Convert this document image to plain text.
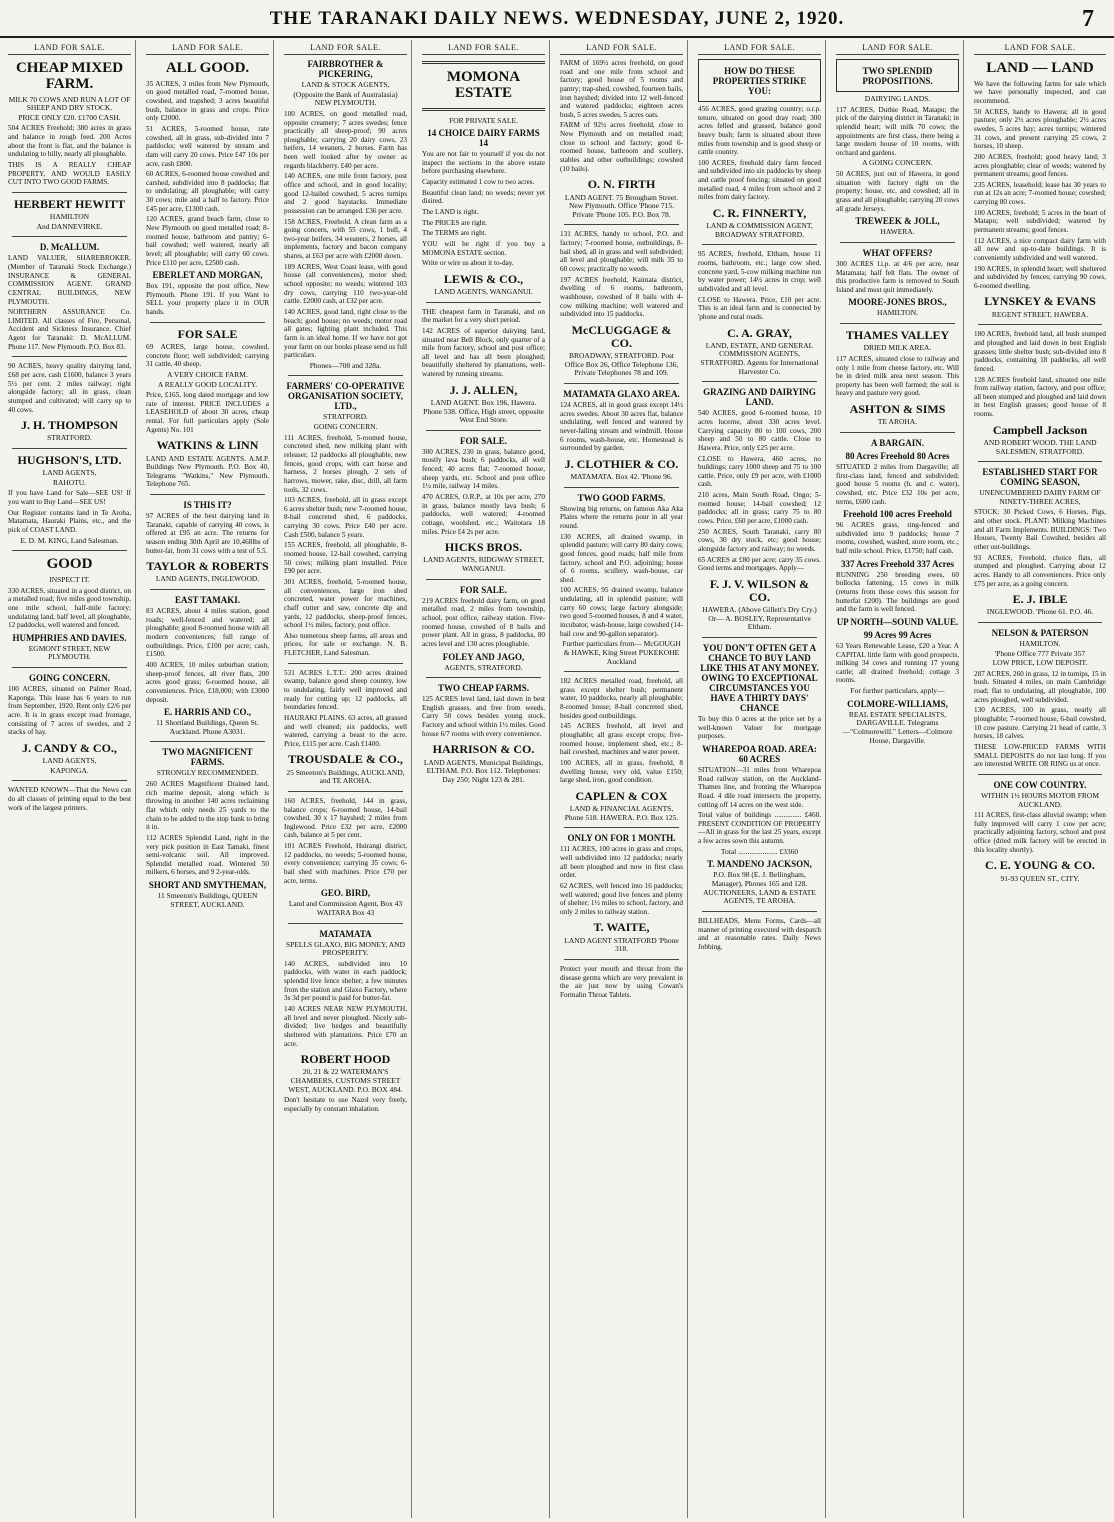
THE TARANAKI DAILY NEWS. WEDNESDAY, JUNE 2, 1920.	7
LAND FOR SALE.
CHEAP MIXED FARM.
MILK 70 COWS AND RUN A LOT OF SHEEP AND DRY STOCK.
PRICE ONLY £20. £1700 CASH.
504 ACRES Freehold; 380 acres in grass and balance in rough feed. 200 Acres about the front is flat, and the balance is undulating to hilly, nearly all ploughable.
THIS IS A REALLY CHEAP PROPERTY, AND WOULD EASILY CUT INTO TWO GOOD FARMS.
HERBERT HEWITT
HAMILTON
And DANNEVIRKE.
D. McALLUM.
LAND VALUER, SHAREBROKER. (Member of Taranaki Stock Exchange.) INSURANCE & GENERAL COMMISSION AGENT. GRAND CENTRAL BUILDINGS, NEW PLYMOUTH.
NORTHERN ASSURANCE Co. LIMITED. All classes of Fire, Personal, Accident and Sickness Insurance. Chief Agent for Taranaki: D. McALLUM. Phone 117. New Plymouth. P.O. Box 83.
90 ACRES, heavy quality dairying land, £68 per acre, cash £1600, balance 3 years 5½ per cent. 2 miles railway; right alongside factory; all in grass, clean stumped and cultivated; will carry up to 40 cows.
J. H. THOMPSON
STRATFORD.
HUGHSON'S, LTD.
LAND AGENTS,
RAHOTU.
If you have Land for Sale—SEE US! If you want to Buy Land—SEE US!
Our Register contains land in Te Aroha, Matamata, Hauraki Plains, etc., and the pick of COAST LAND.
E. D. M. KING, Land Salesman.
GOOD
INSPECT IT.
330 ACRES, situated in a good district, on a metalled road; five miles good township, one mile school, half-mile factory; undulating land, half level, all ploughable, 12 paddocks, well watered and fenced.
HUMPHRIES AND DAVIES.
EGMONT STREET, NEW PLYMOUTH.
GOING CONCERN.
100 ACRES, situated on Palmer Road, Kaponga. This lease has 6 years to run from September, 1920. Rent only £2/6 per acre. It is in grass except road frontage, consisting of 7 acres of swedes, and 2 stacks of hay.
J. CANDY & CO.,
LAND AGENTS,
KAPONGA.
WANTED KNOWN—That the News can do all classes of printing equal to the best work of the largest printers.
LAND FOR SALE.
ALL GOOD.
35 ACRES, 3 miles from New Plymouth, on good metalled road, 7-roomed house, cowshed, and trapshed; 3 acres beautiful bush, balance in grass and crops. Price only £2000.
51 ACRES, 5-roomed house, rate cowshed, all in grass, sub-divided into 7 paddocks; well watered by stream and dam will carry 20 cows. Price £47 10s per acre, cash £800.
60 ACRES, 6-roomed house cowshed and carshed, subdivided into 8 paddocks; flat to undulating; all ploughable; will carry 30 cows; mile and a half to factory. Price £45 per acre, £1300 cash.
120 ACRES, grand beach farm, close to New Plymouth on good metalled road; 8-roomed house, bathroom and pantry; 6-bail cowshed; well watered, nearly all level; all ploughable; will carry 60 cows. Price £110 per acre, £2500 cash.
EBERLET AND MORGAN,
Box 191, opposite the post office, New Plymouth. Phone 191. If you Want to SELL your property place it in OUR hands.
FOR SALE
69 ACRES, large house, cowshed, concrete floor; well subdivided; carrying 31 cattle, 40 sheep.
A VERY CHOICE FARM.
A REALLY GOOD LOCALITY.
Price, £165, long dated mortgage and low rate of interest. PRICE INCLUDES a LEASEHOLD of about 30 acres, cheap rental. For full particulars apply (Sole Agents) No. 101
WATKINS & LINN
LAND AND ESTATE AGENTS. A.M.P. Buildings New Plymouth. P.O. Box 40, Telegrams "Watkins," New Plymouth. Telephone 765.
IS THIS IT?
97 ACRES of the best dairying land in Taranaki, capable of carrying 40 cows, is offered at £95 an acre. The returns for season ending 30th April are 10,468lbs of butter-fat, from 31 cows with a test of 5.5.
TAYLOR & ROBERTS
LAND AGENTS, INGLEWOOD.
EAST TAMAKI.
83 ACRES, about 4 miles station, good roads; well-fenced and watered; all ploughable; good 8-roomed house with all modern conveniences; full range of outbuildings. Price, £100 per acre; cash, £1500.
400 ACRES, 10 miles suburban station; sheep-proof fences, all river flats, 200 acres good grass; 6-roomed house, all conveniences. Price, £18,000; with £3000 deposit.
E. HARRIS AND CO.,
11 Shortland Buildings, Queen St. Auckland. Phone A3031.
TWO MAGNIFICENT FARMS.
STRONGLY RECOMMENDED.
260 ACRES Magnificent Drained land, rich marine deposit, along which is throwing in another 140 acres reclaiming flat which only needs 25 yards to the chain to be added to the stop bank to bring it in.
112 ACRES Splendid Land, right in the very pick position in East Tamaki, finest semi-volcanic soil. All improved. Splendid metalled road. Wintered 50 milkers, 6 horses, and 9 2-year-olds.
SHORT AND SMYTHEMAN,
11 Smeeton's Buildings, QUEEN STREET, AUCKLAND.
LAND FOR SALE.
FAIRBROTHER & PICKERING,
LAND & STOCK AGENTS,
(Opposite the Bank of Australasia) NEW PLYMOUTH.
100 ACRES, on good metalled road, opposite creamery; 7 acres swedes; fence practically all sheep-proof; 90 acres ploughable; carrying 20 dairy cows, 23 heifers, 14 weaners, 2 horses. Farm has been well looked after by owner as regards blackberry. £40 per acre.
140 ACRES, one mile from factory, post office and school, and in good locality; good 12-bailed cowshed, 5 acres turnips and 2 good haystacks. Immediate possession can be arranged. £36 per acre.
158 ACRES, Freehold. A clean farm as a going concern, with 55 cows, 1 bull, 4 two-year heifers, 34 weaners, 2 horses, all implements, factory and bacon company shares, at £63 per acre with £2000 down.
189 ACRES, West Coast lease, with good house (all conveniences), motor shed; school opposite; no weeds; wintered 103 dry cows, carrying 110 two-year-old cattle. £2000 cash, at £32 per acre.
140 ACRES, good land, right close to the beach; good house; no weeds; motor road all gates; lighting plant included. This farm is an ideal home. If we have not got your farm on our books please send us full particulars.
Phones—708 and 328a.
FARMERS' CO-OPERATIVE ORGANISATION SOCIETY, LTD.,
STRATFORD.
GOING CONCERN.
111 ACRES, freehold, 5-roomed house, concreted shed, new milking plant with releaser, 12 paddocks all ploughable, new fences, good crops, with cart horse and harness, 2 horses plough, 2 sets of harrows, mower, rake, disc, drill, all farm tools, 32 cows.
103 ACRES, freehold, all in grass except 6 acres shelter bush; new 7-roomed house, 8-bail concreted shed, 6 paddocks, carrying 30 cows. Price £40 per acre. Cash £500, balance 5 years.
155 ACRES, freehold, all ploughable, 8-roomed house, 12-bail cowshed, carrying 50 cows; milking plant installed. Price £90 per acre.
301 ACRES, freehold, 5-roomed house, all conveniences, large iron shed concreted, water power for machines, chaff cutter and saw, concrete dip and yards, 12 paddocks, sheep-proof fences, school 1½ miles, factory, post office.
Also numerous sheep farms, all areas and prices, for sale or exchange. N. B. FLETCHER, Land Salesman.
531 ACRES L.T.T.: 200 acres drained swamp, balance good sheep country, low to undulating, fairly well improved and ready for cutting up; 12 paddocks, all boundaries fenced.
HAURAKI PLAINS. 63 acres, all grassed and well cleaned; six paddocks, well watered, carrying a beast to the acre. Price, £115 per acre. Cash £1400.
TROUSDALE & CO.,
25 Smeeton's Buildings, AUCKLAND, and TE AROHA.
160 ACRES, freehold, 144 in grass, balance crops; 6-roomed house, 14-bail cowshed, 30 x 17 hayshed; 2 miles from Inglewood. Price £32 per acre, £2000 cash, balance at 5 per cent.
101 ACRES Freehold, Huirangi district, 12 paddocks, no weeds; 5-roomed house, every convenience; carrying 35 cows; 6-bail shed with machines. Price £70 per acre, terms.
GEO. BIRD,
Land and Commission Agent, Box 43 WAITARA Box 43
MATAMATA
SPELLS GLAXO, BIG MONEY, AND PROSPERITY.
140 ACRES, subdivided into 10 paddocks, with water in each paddock; splendid live fence shelter; a few minutes from the station and Glaxo Factory, where 3s 3d per pound is paid for butter-fat.
140 ACRES NEAR NEW PLYMOUTH, all level and never ploughed. Nicely sub-divided; live hedges and beautifully sheltered with plantations. Price £70 an acre.
ROBERT HOOD
20, 21 & 22 WATERMAN'S CHAMBERS, CUSTOMS STREET WEST, AUCKLAND. P.O. BOX 484.
Don't hesitate to use Nazol very freely, especially by constant inhalation.
LAND FOR SALE.
MOMONA ESTATE
FOR PRIVATE SALE.
14 CHOICE DAIRY FARMS 14
You are not fair to yourself if you do not inspect the sections in the above estate before purchasing elsewhere.
Capacity estimated 1 cow to two acres.
Beautiful clean land; no weeds; never yet disired.
The LAND is right.
The PRICES are right.
The TERMS are right.
YOU will be right if you buy a MOMONA ESTATE section.
Write or wire us about it to-day.
LEWIS & CO.,
LAND AGENTS, WANGANUI.
THE cheapest farm in Taranaki, and on the market for a very short period.
142 ACRES of superior dairying land, situated near Bell Block, only quarter of a mile from factory, school and post office; all level and has all been ploughed; beautifully sheltered by plantations, well-watered by running streams.
J. J. ALLEN,
LAND AGENT. Box 196, Hawera. Phone 538. Office, High street, opposite West End Store.
FOR SALE.
300 ACRES, 230 in grass, balance good, mostly lava bush; 6 paddocks, all well fenced; 40 acres flat; 7-roomed house, sheep yards, etc. School and post office 1½ mile, railway 14 miles.
470 ACRES, O.R.P., at 10s per acre, 270 in grass, balance mostly lava bush; 6 paddocks, well watered; 4-roomed cottage, woolshed, etc.; Waitotara 18 miles. Price £4 2s per acre.
HICKS BROS.
LAND AGENTS, RIDGWAY STREET, WANGANUI.
FOR SALE.
219 ACRES freehold dairy farm, on good metalled road, 2 miles from township, school, post office, railway station. Five-roomed house, cowshed of 8 bails and power plant. All in grass, 8 paddocks, 80 acres level and 130 acres ploughable.
FOLEY AND JAGO,
AGENTS, STRATFORD.
TWO CHEAP FARMS.
125 ACRES level land, laid down in best English grasses, and free from weeds. Carry 50 cows besides young stock. Factory and school within 1½ miles. Good house 6/7 rooms with every convenience.
HARRISON & CO.
LAND AGENTS, Municipal Buildings, ELTHAM. P.O. Box 112. Telephones: Day 250; Night 123 & 281.
LAND FOR SALE.
FARM of 169½ acres freehold, on good road and one mile from school and factory; good house of 5 rooms and pantry; trap-shed, cowshed, fourteen bails, iron hayshed; divided into 12 well-fenced and watered paddocks; eighteen acres bush, 5 acres swedes, 5 acres oats.
FARM of 92½ acres freehold, close to New Plymouth and on metalled road; close to school and factory; good 6-roomed house, bathroom and scullery, stables and other outbuildings; cowshed (10 bails).
O. N. FIRTH
LAND AGENT. 75 Brougham Street. New Plymouth. Office 'Phone 715. Private 'Phone 105. P.O. Box 78.
131 ACRES, handy to school, P.O. and factory; 7-roomed house, outbuildings, 8-bail shed, all in grass and well subdivided; all level and ploughable; will milk 35 to 60 cows; practically no weeds.
197 ACRES freehold, Kaimata district, dwelling of 6 rooms, bathroom, washhouse, cowshed of 8 bails with 4-cow milking machine; well watered and subdivided into 15 paddocks.
McCLUGGAGE & CO.
BROADWAY, STRATFORD. Post Office Box 26, Office Telephone 136, Private Telephones 78 and 109.
MATAMATA GLAXO AREA.
124 ACRES, all in good grass except 14½ acres swedes. About 30 acres flat, balance undulating, well fenced and watered by never-failing stream and windmill. House 6 rooms, wash-house, etc. Homestead is surrounded by garden.
J. CLOTHIER & CO.
MATAMATA. Box 42. 'Phone 96.
TWO GOOD FARMS.
Showing big returns, on famous Aka Aka Plains where the returns pour in all year round.
130 ACRES, all drained swamp, in splendid pasture; will carry 80 dairy cows; good fences, good roads; half mile from factory, school and P.O. adjoining; house of 6 rooms, scullery, wash-house, car shed.
100 ACRES, 95 drained swamp, balance undulating, all in splendid pasture; will carry 60 cows; large factory alongside; two good 5-roomed houses, 8 and 4 water, incubator, wash-house, large cowshed (14-bail cow and 90-gallon separator).
Further particulars from— McGOUGH & HAWKE, King Street PUKEKOHE Auckland
182 ACRES metalled road, freehold, all grass except shelter bush; permanent water, 10 paddocks, nearly all ploughable; 8-roomed house; 8-bail concreted shed, besides good outbuildings.
145 ACRES freehold, all level and ploughable; all grass except crops; five-roomed house, implement shed, etc.; 8-bail cowshed, machines and water power.
100 ACRES, all in grass, freehold, 8 dwelling house, very old, value £150; large shed, iron, good condition.
CAPLEN & COX
LAND & FINANCIAL AGENTS, Phone 518. HAWERA. P.O. Box 125.
ONLY ON FOR 1 MONTH.
111 ACRES, 100 acres in grass and crops, well subdivided into 12 paddocks; nearly all been ploughed and now in first class order.
62 ACRES, well fenced into 16 paddocks; well watered; good live fences and plenty of shelter; 1½ miles to school, factory, and only 2 miles to railway station.
T. WAITE,
LAND AGENT STRATFORD 'Phone 318.
Protect your mouth and throat from the disease germs which are very prevalent in the air just now by using Cowan's Formalin Throat Tablets.
LAND FOR SALE.
HOW DO THESE PROPERTIES STRIKE YOU:
456 ACRES, good grazing country; o.r.p. tenure, situated on good dray road; 300 acres felled and grassed, balance good heavy bush; farm is situated about three miles from township and is good sheep or cattle country.
100 ACRES, freehold dairy farm fenced and subdivided into six paddocks by sheep and cattle proof fencing; situated on good metalled road, 4 miles from school and 2 miles from dairy factory.
C. R. FINNERTY,
LAND & COMMISSION AGENT, BROADWAY STRATFORD.
95 ACRES, freehold, Eltham, house 11 rooms, bathroom, etc.; large cow shed, concrete yard, 5-cow milking machine run by water power; 14½ acres in crop; well subdivided and all level.
CLOSE to Hawera. Price, £10 per acre. This is an ideal farm and is connected by 'phone and rural roads.
C. A. GRAY,
LAND, ESTATE, AND GENERAL COMMISSION AGENTS, STRATFORD. Agents for International Harvester Co.
GRAZING AND DAIRYING LAND.
540 ACRES, good 6-roomed house, 10 acres lucerne, about 330 acres level. Carrying capacity 80 to 100 cows, 200 sheep and 50 to 80 cattle. Close to Hawera. Price, only £25 per acre.
CLOSE to Hawera, 460 acres, no buildings; carry 1000 sheep and 75 to 100 cattle. Price, only £9 per acre, with £1000 cash.
210 acres, Main South Road, Ongo; 5-roomed house; 14-bail cowshed; 12 paddocks; all in grass; carry 75 to 80 cows. Price, £60 per acre, £1000 cash.
250 ACRES, South Taranaki, carry 80 cows, 30 dry stock, etc; good house; alongside factory and railway; no weeds.
65 ACRES at £80 per acre; carry 35 cows. Good terms and mortgages. Apply—
F. J. V. WILSON & CO.
HAWERA. (Above Gillett's Dry Cry.) Or— A. BOSLEY, Representative Eltham.
YOU DON'T OFTEN GET A CHANCE TO BUY LAND LIKE THIS AT ANY MONEY. OWING TO EXCEPTIONAL CIRCUMSTANCES YOU HAVE A THIRTY DAYS' CHANCE
To buy this 0 acres at the price set by a well-known Valuer for mortgage purposes.
WHAREPOA ROAD. AREA: 60 ACRES
SITUATION—31 miles from Wharepoa Road railway station, on the Auckland-Thames line, and fronting the Wharepoa Road. 4 dile road intersects the property, cutting off 14 acres on the west side.
Total value of buildings ............... £460. PRESENT CONDITION OF PROPERTY—All in grass for the last 25 years, except a few acres sown this autumn.
Total ..................... £3360
T. MANDENO JACKSON,
P.O. Box 98 (E. J. Bellingham, Manager), Phones 165 and 128. AUCTIONEERS, LAND & ESTATE AGENTS, TE AROHA.
BILLHEADS, Menu Forms, Cards—all manner of printing executed with despatch and at reasonable rates. Daily News Jobbing.
LAND FOR SALE.
TWO SPLENDID PROPOSITIONS.
DAIRYING LANDS.
117 ACRES, Duthie Road, Matapu; the pick of the dairying district in Taranaki; in splendid heart; will milk 70 cows; the appointments are first class, there being a large modern house of 10 rooms, with orchard and gardens.
A GOING CONCERN.
50 ACRES, just out of Hawera, in good situation with factory right on the property; house, etc. and cowshed; all in grass and all ploughable; carrying 20 cows all grade Jerseys.
TREWEEK & JOLL,
HAWERA.
WHAT OFFERS?
300 ACRES l.i.p. at 4/6 per acre, near Matamata; half felt flats. The owner of this productive farm is removed to South Island and must quit immediately.
MOORE-JONES BROS.,
HAMILTON.
THAMES VALLEY
DRIED MILK AREA.
117 ACRES, situated close to railway and only 1 mile from cheese factory, etc. Will be in dried milk area next season. This property has been well farmed; the soil is heavy and pasture very good.
ASHTON & SIMS
TE AROHA.
A BARGAIN.
80 Acres Freehold 80 Acres
SITUATED 2 miles from Dargaville; all first-class land, fenced and subdivided; good house 5 rooms (h. and c. water), cowshed, etc. Price £32 10s per acre, terms, £600 cash.
Freehold 100 acres Freehold
96 ACRES grass, ring-fenced and subdivided into 9 paddocks; house 7 rooms, cowshed, washed, store room, etc.; half mile school. Price, £1750; half cash.
337 Acres Freehold 337 Acres
RUNNING 250 breeding ewes, 60 bullocks fattening, 15 cows in milk (returns from those cows this season for butterfat £200). The buildings are good and the farm is well fenced.
UP NORTH—SOUND VALUE.
99 Acres 99 Acres
63 Years Renewable Lease, £20 a Year. A CAPITAL little farm with good prospects, milking 34 cows and running 17 young cattle; all drained freehold; cottage 3 rooms.
For further particulars, apply—
COLMORE-WILLIAMS,
REAL ESTATE SPECIALISTS, DARGAVILLE. Telegrams—"Colmorewill." Letters—Colmore House, Dargaville.
LAND FOR SALE.
LAND — LAND
We have the following farms for sale which we have personally inspected, and can recommend.
50 ACRES, handy to Hawera; all in good pasture; only 2½ acres ploughable; 2½ acres swedes, 5 acres hay; acres turnips; wintered 31 cows, and present carrying 25 cows, 2 horses, 10 sheep.
200 ACRES, freehold; good heavy land; 3 acres ploughable; clear of weeds; watered by permanent streams; good fences.
235 ACRES, leasehold; lease has 30 years to run at 12s an acre; 7-roomed house; cowshed; carrying 80 cows.
100 ACRES, freehold; 5 acres in the heart of Matapu; well subdivided; watered by permanent streams; good fences.
112 ACRES, a nice compact dairy farm with all new and up-to-date buildings. It is conveniently subdivided and well watered.
190 ACRES, in splendid heart; well sheltered and subdivided by fences; carrying 90 cows, 6-roomed dwelling.
LYNSKEY & EVANS
REGENT STREET, HAWERA.
180 ACRES, freehold land, all bush stumped and ploughed and laid down in best English grasses; little shelter bush; sub-divided into 8 paddocks, containing 18 paddocks, all well fenced.
128 ACRES freehold land, situated one mile from railway station, factory, and post office; all been stumped and ploughed and laid down in best English grasses; good house of 8 rooms.
Campbell Jackson
AND ROBERT WOOD. THE LAND SALESMEN, STRATFORD.
ESTABLISHED START FOR COMING SEASON,
UNENCUMBERED DAIRY FARM OF NINETY-THREE ACRES,
STOCK: 30 Picked Cows, 6 Horses, Pigs, and other stock. PLANT: Milking Machines and all Farm Implements. BUILDINGS: Two Houses, Twenty Bail Cowshed, besides all other out-buildings.
93 ACRES, Freehold, choice flats, all stumped and ploughed. Carrying about 12 acres. Handy to all conveniences. Price only £75 per acre, as a going concern.
E. J. IBLE
INGLEWOOD. 'Phone 61. P.O. 46.
NELSON & PATERSON
HAMILTON.
'Phone Office 777 Private 357
LOW PRICE, LOW DEPOSIT.
287 ACRES, 260 in grass, 12 in turnips, 15 in bush. Situated 4 miles, on main Cambridge road; flat to undulating, all ploughable, 100 acres ploughed, well subdivided.
130 ACRES, 100 in grass, nearly all ploughable; 7-roomed house, 6-bail cowshed, 10 cow pasture. Carrying 21 head of cattle, 3 horses, 18 calves.
THESE LOW-PRICED FARMS WITH SMALL DEPOSITS do not last long. If you are interested WRITE OR RING us at once.
ONE COW COUNTRY.
WITHIN 1½ HOURS MOTOR FROM AUCKLAND.
111 ACRES, first-class alluvial swamp; when fully improved will carry 1 cow per acre; practically adjoining factory, school and post office (dried milk factory will be erected in this locality shortly).
C. E. YOUNG & CO.
91-93 QUEEN ST., CITY.
